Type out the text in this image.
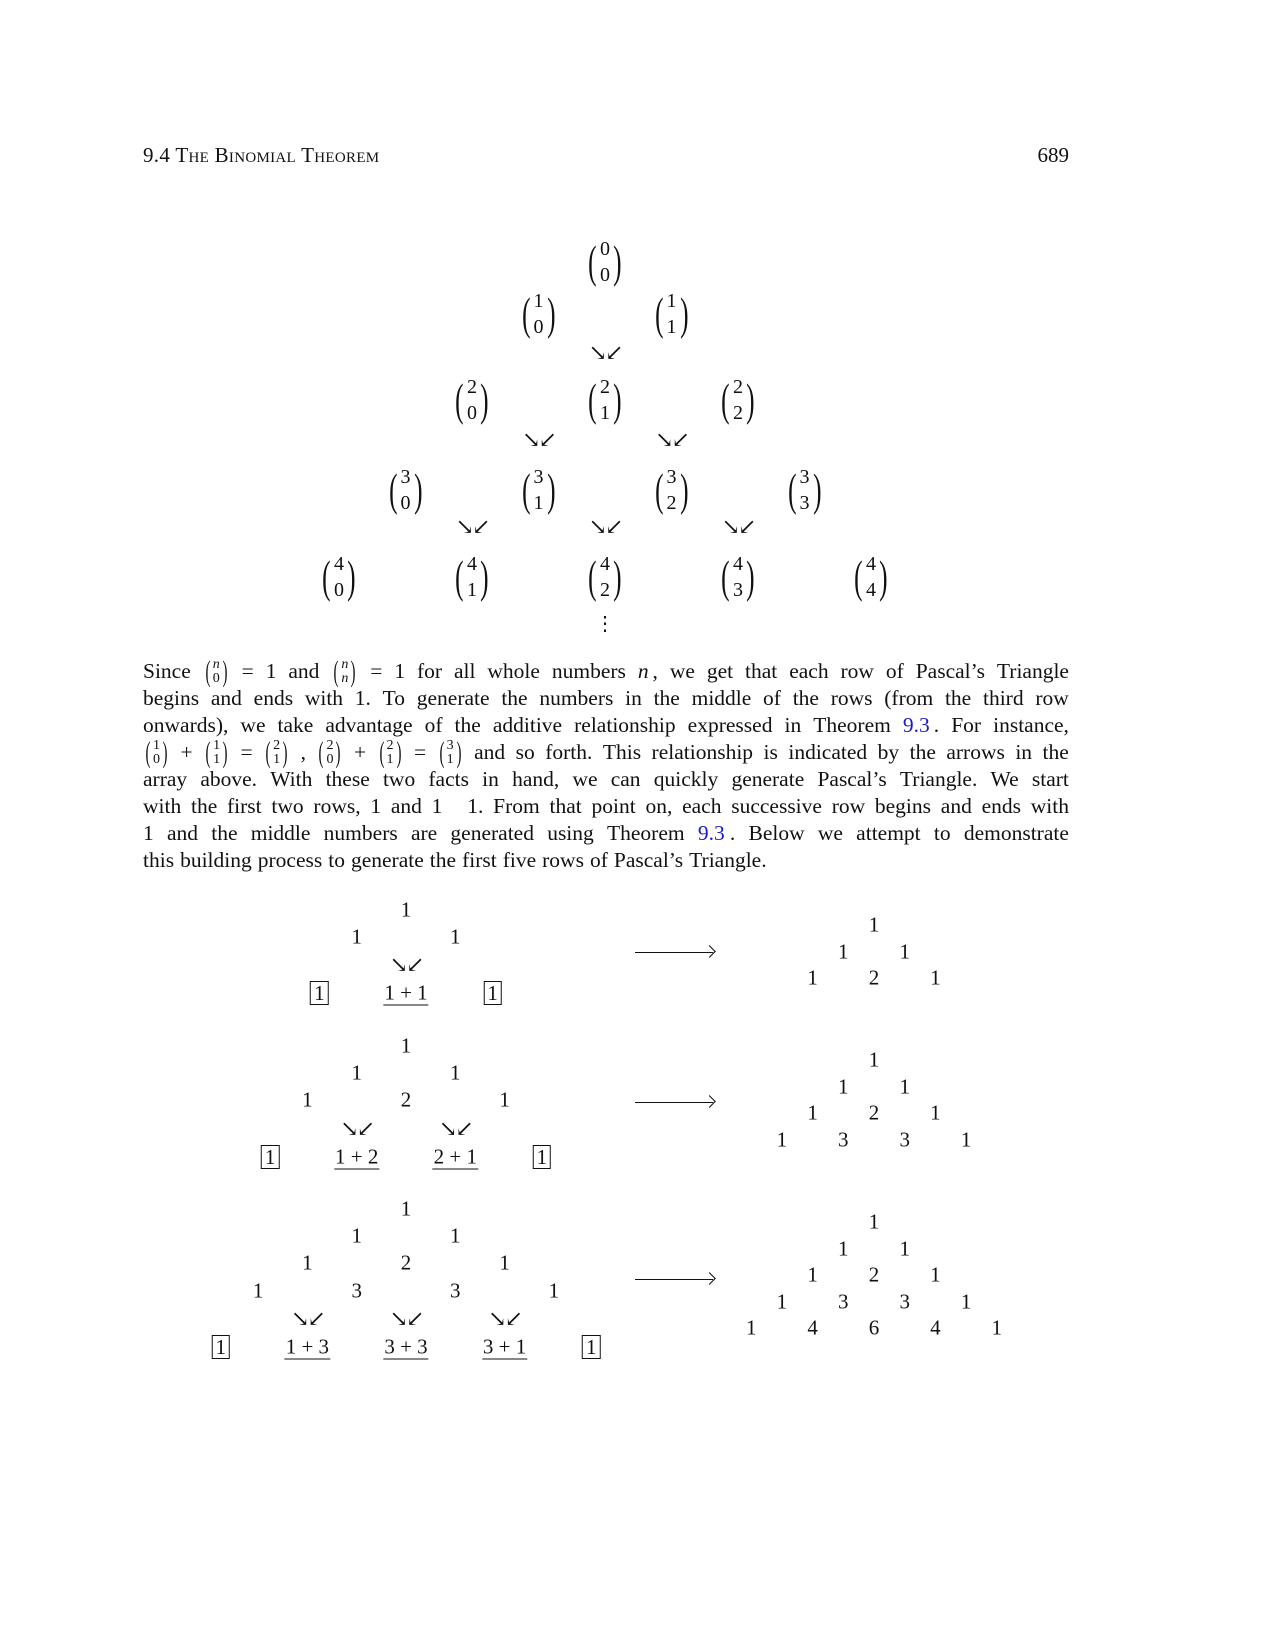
9.4 The Binomial Theorem	689
( 0
0 )
( 1
0 ) ( 1
1 )
( 2
0 ) ( 2
1 ) ( 2
2 )
( 3
0 ) ( 3
1 ) ( 3
2 ) ( 3
3 )
( 4
0 ) ( 4
1 ) ( 4
2 ) ( 4
3 ) ( 4
4 )
↘↙
↘↙	↘↙
↘↙	↘↙	↘↙
⋮
Since ( n
0 ) = 1 and ( n
n ) = 1 for all whole numbers n , we get that each row of Pascal’s Triangle
begins and ends with 1. To generate the numbers in the middle of the rows (from the third row
onwards), we take advantage of the additive relationship expressed in Theorem 9.3 . For instance,
( 1
0 ) + ( 1
1 ) = ( 2
1 ) , ( 2
0 ) + ( 2
1 ) = ( 3
1 ) and so forth. This relationship is indicated by the arrows in the
array above. With these two facts in hand, we can quickly generate Pascal’s Triangle. We start
with the first two rows, 1 and 1
1. From that point on, each successive row begins and ends with
1 and the middle numbers are generated using Theorem 9.3 . Below we attempt to demonstrate
this building process to generate the first five rows of Pascal’s Triangle.
1
1	1
↘↙
1 + 1
1	1
1
1 1
1 2 1
1
1	1
1	2	1
↘↙
1 + 2
↘↙
2 + 1
1	1
1
1 1
1 2 1
1 3 3 1
1
1	1
1	2	1
1	3	3	1
↘↙
1 + 3
↘↙
3 + 3
↘↙
3 + 1
1	1
1
1 1
1 2 1
1 3 3 1
1 4 6 4 1
